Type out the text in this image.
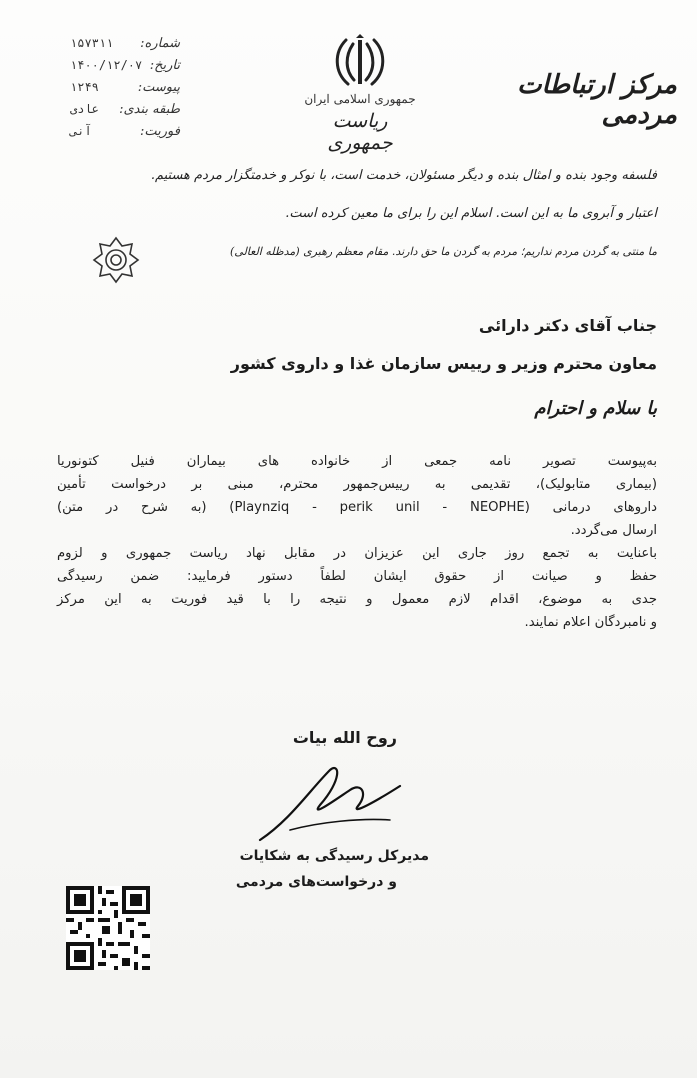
جمهوری اسلامی ایران
ریاست جمهوری
مرکز ارتباطات مردمی
شماره:
۱۵۷۳۱۱
تاریخ:
۱۴۰۰/۱۲/۰۷
پیوست:
۱۲۴۹
طبقه بندی:
عادی
فوریت:
آنی
فلسفه وجود بنده و امثال بنده و دیگر مسئولان، خدمت است، با نوکر و خدمتگزار مردم هستیم.
اعتبار و آبروی ما به این است. اسلام این را برای ما معین کرده است.
ما منتی به گردن مردم نداریم؛ مردم به گردن ما حق دارند. مقام معظم رهبری (مدظله العالی)
جناب آقای دکتر دارائی
معاون محترم وزیر و رییس سازمان غذا و داروی کشور
با سلام و احترام

به‌پیوست تصویر نامه جمعی از خانواده های بیماران فنیل کتونوریا
(بیماری متابولیک)، تقدیمی به رییس‌جمهور محترم، مبنی بر درخواست تأمین
داروهای درمانی (Playnziq - perik unil - NEOPHE) (به شرح در متن)
ارسال می‌گردد.

باعنایت به تجمع روز جاری این عزیزان در مقابل نهاد ریاست جمهوری و لزوم
حفظ و صیانت از حقوق ایشان لطفاً دستور فرمایید: ضمن رسیدگی
جدی به موضوع، اقدام لازم معمول و نتیجه را با قید فوریت به این مرکز
و نامبردگان اعلام نمایند.

روح الله بیات
مدیرکل رسیدگی به شکایات
و درخواست‌های مردمی
